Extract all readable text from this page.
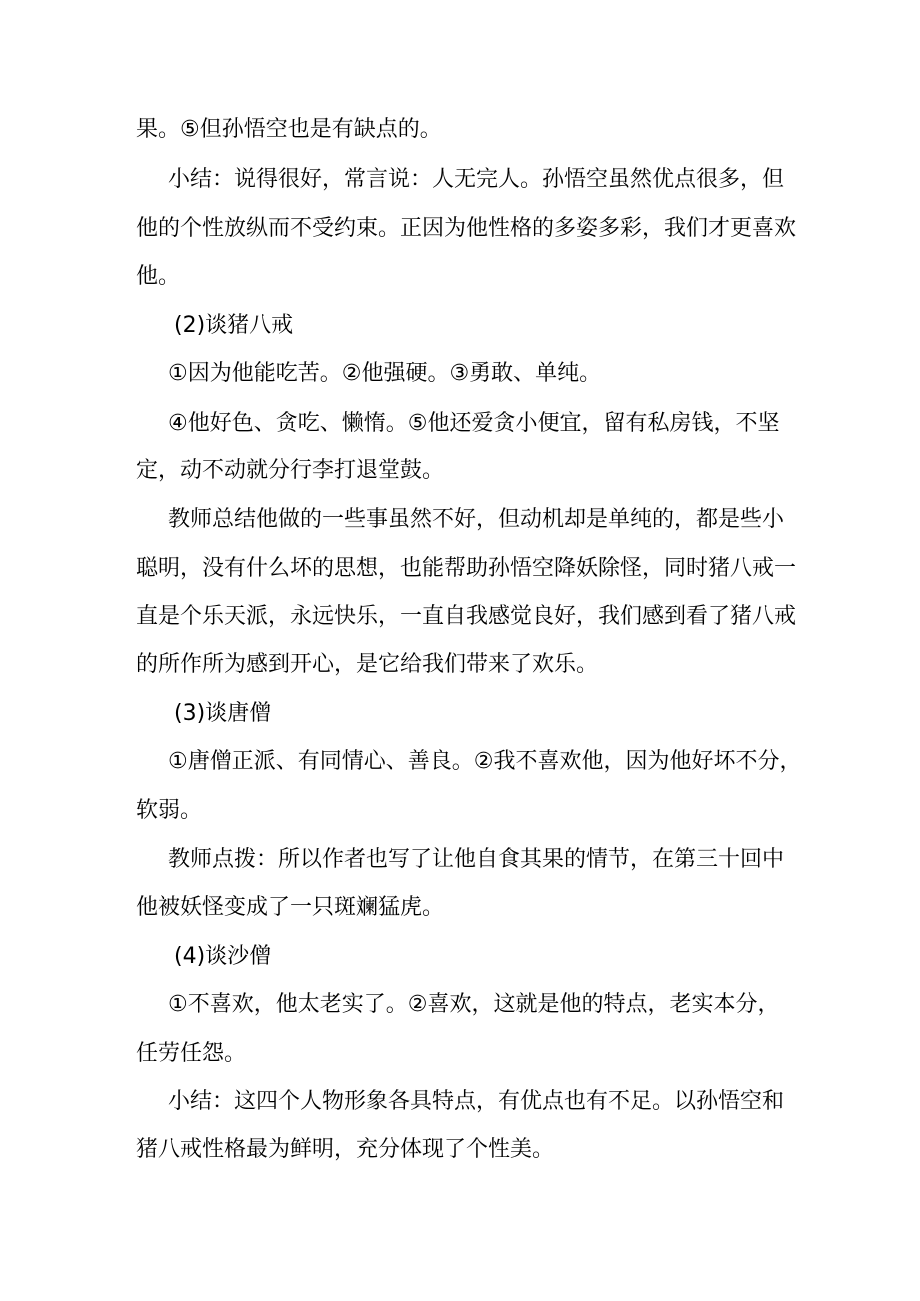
果。⑤但孙悟空也是有缺点的。
小结：说得很好，常言说：人无完人。孙悟空虽然优点很多，但
他的个性放纵而不受约束。正因为他性格的多姿多彩，我们才更喜欢
他。
(2)谈猪八戒
①因为他能吃苦。②他强硬。③勇敢、单纯。
④他好色、贪吃、懒惰。⑤他还爱贪小便宜，留有私房钱，不坚
定，动不动就分行李打退堂鼓。
教师总结他做的一些事虽然不好，但动机却是单纯的，都是些小
聪明，没有什么坏的思想，也能帮助孙悟空降妖除怪，同时猪八戒一
直是个乐天派，永远快乐，一直自我感觉良好，我们感到看了猪八戒
的所作所为感到开心，是它给我们带来了欢乐。
(3)谈唐僧
①唐僧正派、有同情心、善良。②我不喜欢他，因为他好坏不分，
软弱。
教师点拨：所以作者也写了让他自食其果的情节，在第三十回中
他被妖怪变成了一只斑斓猛虎。
(4)谈沙僧
①不喜欢，他太老实了。②喜欢，这就是他的特点，老实本分，
任劳任怨。
小结：这四个人物形象各具特点，有优点也有不足。以孙悟空和
猪八戒性格最为鲜明，充分体现了个性美。
